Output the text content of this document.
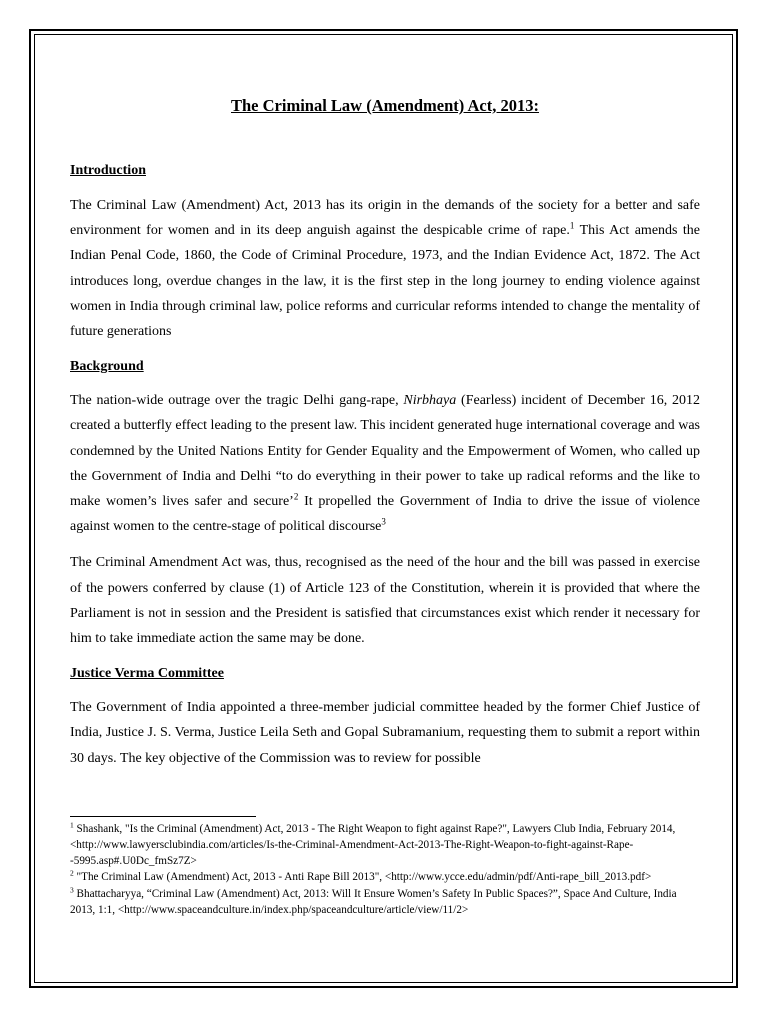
The Criminal Law (Amendment) Act, 2013:
Introduction

The Criminal Law (Amendment) Act, 2013 has its origin in the demands of the society for a better and safe environment for women and in its deep anguish against the despicable crime of rape.$^1$ This Act amends the Indian Penal Code, 1860, the Code of Criminal Procedure, 1973, and the Indian Evidence Act, 1872. The Act introduces long, overdue changes in the law, it is the first step in the long journey to ending violence against women in India through criminal law, police reforms and curricular reforms intended to change the mentality of future generations

Background

The nation-wide outrage over the tragic Delhi gang-rape, Nirbhaya (Fearless) incident of December 16, 2012 created a butterfly effect leading to the present law. This incident generated huge international coverage and was condemned by the United Nations Entity for Gender Equality and the Empowerment of Women, who called up the Government of India and Delhi “to do everything in their power to take up radical reforms and the like to make women’s lives safer and secure’$^2$ It propelled the Government of India to drive the issue of violence against women to the centre-stage of political discourse$^3$

The Criminal Amendment Act was, thus, recognised as the need of the hour and the bill was passed in exercise of the powers conferred by clause (1) of Article 123 of the Constitution, wherein it is provided that where the Parliament is not in session and the President is satisfied that circumstances exist which render it necessary for him to take immediate action the same may be done.

Justice Verma Committee

The Government of India appointed a three-member judicial committee headed by the former Chief Justice of India, Justice J. S. Verma, Justice Leila Seth and Gopal Subramanium, requesting them to submit a report within 30 days. The key objective of the Commission was to review for possible

$^1$ Shashank, "Is the Criminal (Amendment) Act, 2013 - The Right Weapon to fight against Rape?", Lawyers Club India, February 2014, <http://www.lawyersclubindia.com/articles/Is-the-Criminal-Amendment-Act-2013-The-Right-Weapon-to-fight-against-Rape--5995.asp#.U0Dc_fmSz7Z>
$^2$ "The Criminal Law (Amendment) Act, 2013 - Anti Rape Bill 2013", <http://www.ycce.edu/admin/pdf/Anti-rape_bill_2013.pdf>
$^3$ Bhattacharyya, “Criminal Law (Amendment) Act, 2013: Will It Ensure Women’s Safety In Public Spaces?”, Space And Culture, India 2013, 1:1, <http://www.spaceandculture.in/index.php/spaceandculture/article/view/11/2>
